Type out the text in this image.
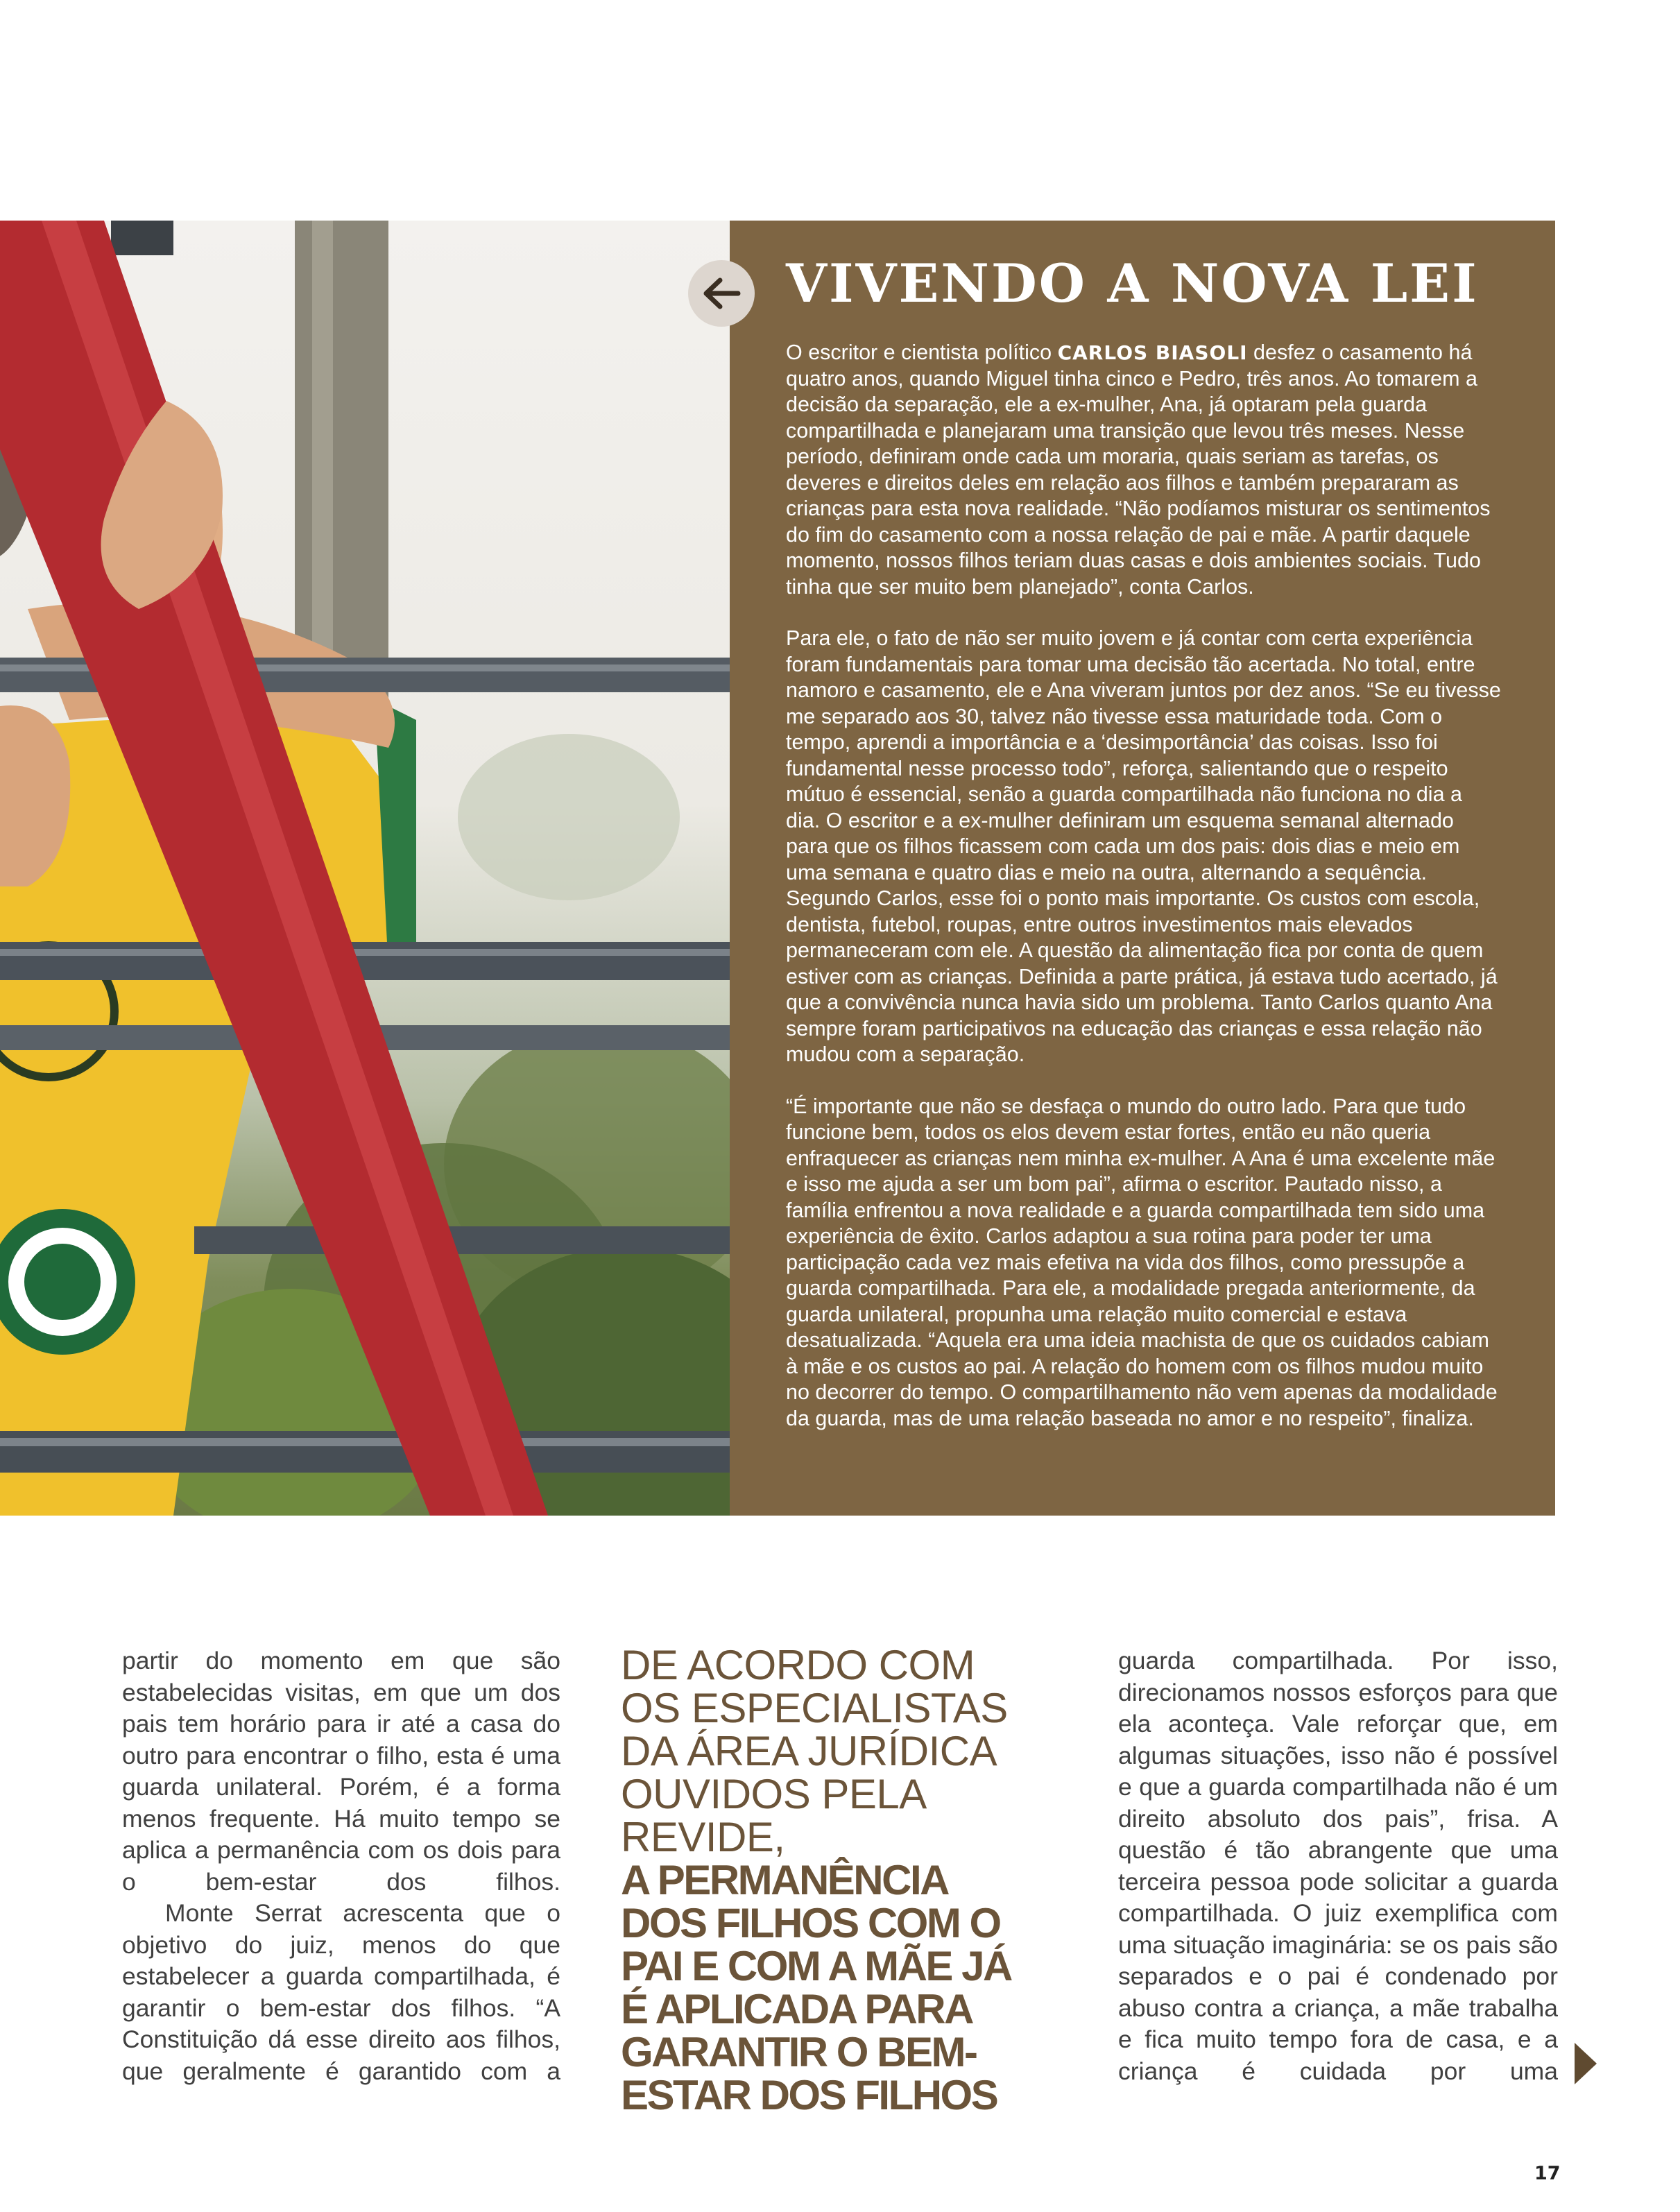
VIVENDO A NOVA LEI

O escritor e cientista político CARLOS BIASOLI desfez o casamento há quatro anos, quando Miguel tinha cinco e Pedro, três anos. Ao tomarem a decisão da separação, ele a ex-mulher, Ana, já optaram pela guarda compartilhada e planejaram uma transição que levou três meses. Nesse período, definiram onde cada um moraria, quais seriam as tarefas, os deveres e direitos deles em relação aos filhos e também prepararam as crianças para esta nova realidade. “Não podíamos misturar os sentimentos do fim do casamento com a nossa relação de pai e mãe. A partir daquele momento, nossos filhos teriam duas casas e dois ambientes sociais. Tudo tinha que ser muito bem planejado”, conta Carlos.

Para ele, o fato de não ser muito jovem e já contar com certa experiência foram fundamentais para tomar uma decisão tão acertada. No total, entre namoro e casamento, ele e Ana viveram juntos por dez anos. “Se eu tivesse me separado aos 30, talvez não tivesse essa maturidade toda. Com o tempo, aprendi a importância e a ‘desimportância’ das coisas. Isso foi fundamental nesse processo todo”, reforça, salientando que o respeito mútuo é essencial, senão a guarda compartilhada não funciona no dia a dia. O escritor e a ex-mulher definiram um esquema semanal alternado para que os filhos ficassem com cada um dos pais: dois dias e meio em uma semana e quatro dias e meio na outra, alternando a sequência. Segundo Carlos, esse foi o ponto mais importante. Os custos com escola, dentista, futebol, roupas, entre outros investimentos mais elevados permaneceram com ele. A questão da alimentação fica por conta de quem estiver com as crianças. Definida a parte prática, já estava tudo acertado, já que a convivência nunca havia sido um problema. Tanto Carlos quanto Ana sempre foram participativos na educação das crianças e essa relação não mudou com a separação.

“É importante que não se desfaça o mundo do outro lado. Para que tudo funcione bem, todos os elos devem estar fortes, então eu não queria enfraquecer as crianças nem minha ex-mulher. A Ana é uma excelente mãe e isso me ajuda a ser um bom pai”, afirma o escritor. Pautado nisso, a família enfrentou a nova realidade e a guarda compartilhada tem sido uma experiência de êxito. Carlos adaptou a sua rotina para poder ter uma participação cada vez mais efetiva na vida dos filhos, como pressupõe a guarda compartilhada. Para ele, a modalidade pregada anteriormente, da guarda unilateral, propunha uma relação muito comercial e estava desatualizada. “Aquela era uma ideia machista de que os cuidados cabiam à mãe e os custos ao pai. A relação do homem com os filhos mudou muito no decorrer do tempo. O compartilhamento não vem apenas da modalidade da guarda, mas de uma relação baseada no amor e no respeito”, finaliza.

partir do momento em que são estabelecidas visitas, em que um dos pais tem horário para ir até a casa do outro para encontrar o filho, esta é uma guarda unilateral. Porém, é a forma menos frequente. Há muito tempo se aplica a permanência com os dois para o bem-estar dos filhos.

Monte Serrat acrescenta que o objetivo do juiz, menos do que estabelecer a guarda compartilhada, é garantir o bem-estar dos filhos. “A Constituição dá esse direito aos filhos, que geralmente é garantido com a

DE ACORDO COM
OS ESPECIALISTAS
DA ÁREA JURÍDICA
OUVIDOS PELA REVIDE,
A PERMANÊNCIA
DOS FILHOS COM O
PAI E COM A MÃE JÁ
É APLICADA PARA
GARANTIR O BEM-
ESTAR DOS FILHOS

guarda compartilhada. Por isso, direcionamos nossos esforços para que ela aconteça. Vale reforçar que, em algumas situações, isso não é possível e que a guarda compartilhada não é um direito absoluto dos pais”, frisa. A questão é tão abrangente que uma terceira pessoa pode solicitar a guarda compartilhada. O juiz exemplifica com uma situação imaginária: se os pais são separados e o pai é condenado por abuso contra a criança, a mãe trabalha e fica muito tempo fora de casa, e a criança é cuidada por uma

17
